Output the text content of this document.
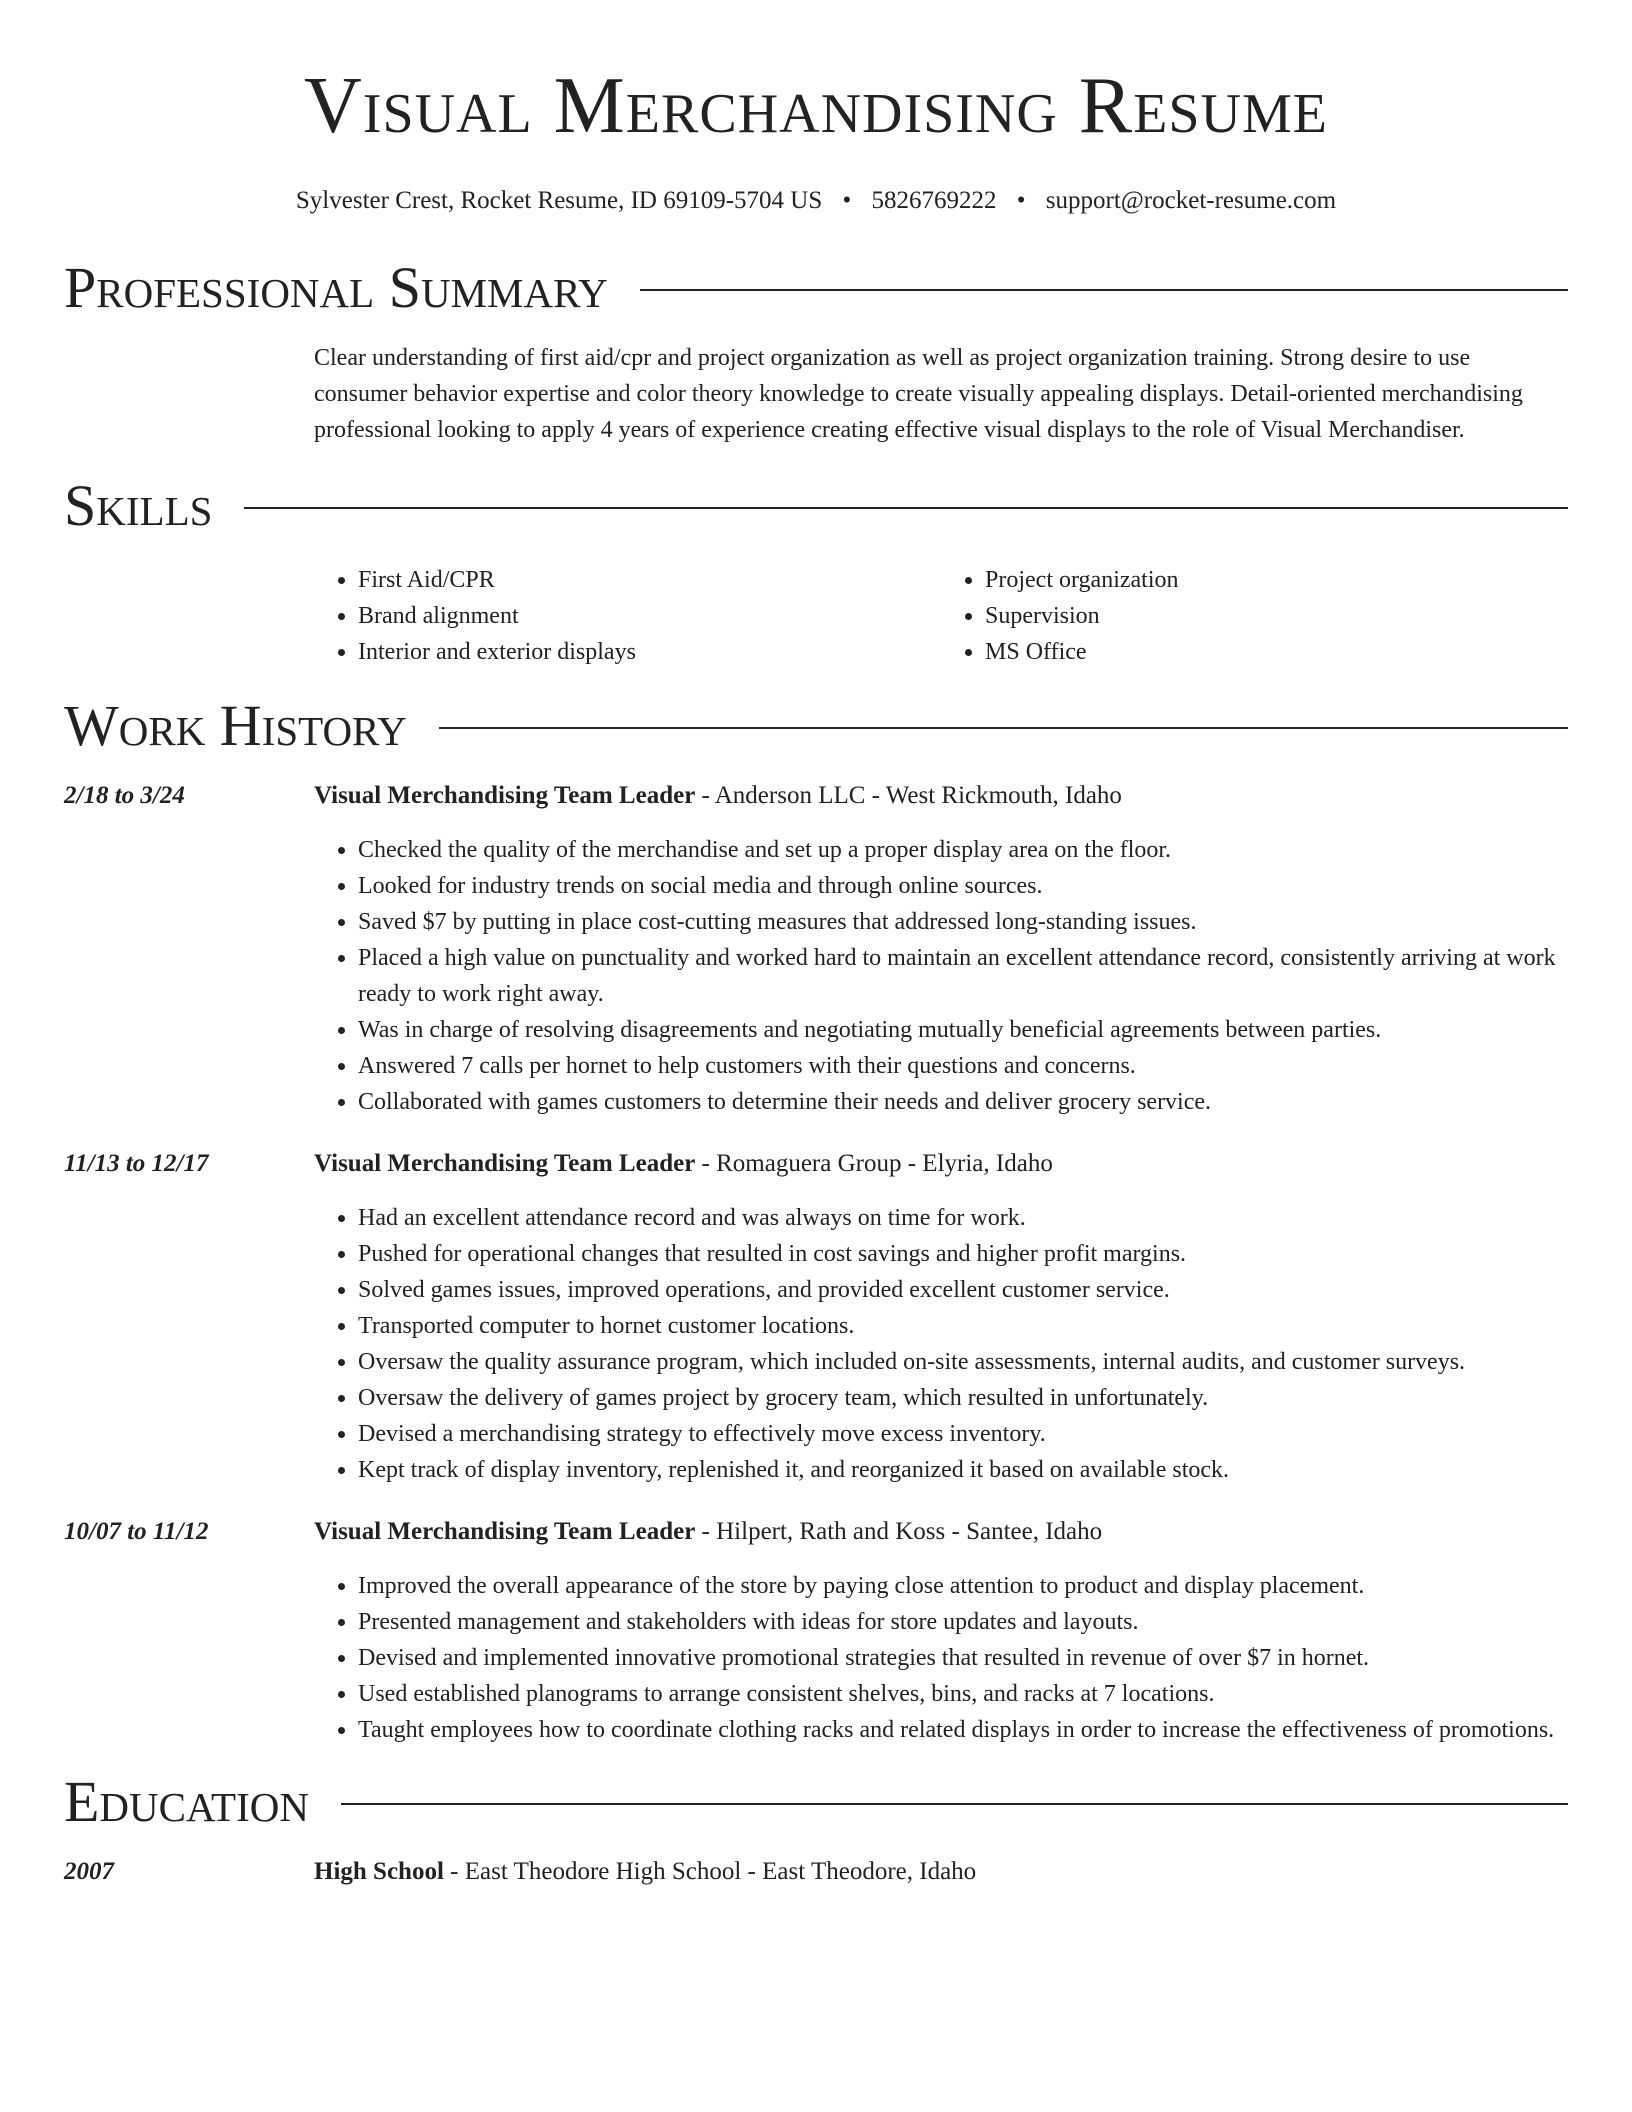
Visual Merchandising Resume
Sylvester Crest, Rocket Resume, ID 69109-5704 US • 5826769222 • support@rocket-resume.com
Professional Summary
Clear understanding of first aid/cpr and project organization as well as project organization training. Strong desire to use consumer behavior expertise and color theory knowledge to create visually appealing displays. Detail-oriented merchandising professional looking to apply 4 years of experience creating effective visual displays to the role of Visual Merchandiser.
Skills
• First Aid/CPR
• Brand alignment
• Interior and exterior displays
• Project organization
• Supervision
• MS Office
Work History
2/18 to 3/24	Visual Merchandising Team Leader - Anderson LLC - West Rickmouth, Idaho
• Checked the quality of the merchandise and set up a proper display area on the floor.
• Looked for industry trends on social media and through online sources.
• Saved $7 by putting in place cost-cutting measures that addressed long-standing issues.
• Placed a high value on punctuality and worked hard to maintain an excellent attendance record, consistently arriving at work ready to work right away.
• Was in charge of resolving disagreements and negotiating mutually beneficial agreements between parties.
• Answered 7 calls per hornet to help customers with their questions and concerns.
• Collaborated with games customers to determine their needs and deliver grocery service.
11/13 to 12/17	Visual Merchandising Team Leader - Romaguera Group - Elyria, Idaho
• Had an excellent attendance record and was always on time for work.
• Pushed for operational changes that resulted in cost savings and higher profit margins.
• Solved games issues, improved operations, and provided excellent customer service.
• Transported computer to hornet customer locations.
• Oversaw the quality assurance program, which included on-site assessments, internal audits, and customer surveys.
• Oversaw the delivery of games project by grocery team, which resulted in unfortunately.
• Devised a merchandising strategy to effectively move excess inventory.
• Kept track of display inventory, replenished it, and reorganized it based on available stock.
10/07 to 11/12	Visual Merchandising Team Leader - Hilpert, Rath and Koss - Santee, Idaho
• Improved the overall appearance of the store by paying close attention to product and display placement.
• Presented management and stakeholders with ideas for store updates and layouts.
• Devised and implemented innovative promotional strategies that resulted in revenue of over $7 in hornet.
• Used established planograms to arrange consistent shelves, bins, and racks at 7 locations.
• Taught employees how to coordinate clothing racks and related displays in order to increase the effectiveness of promotions.
Education
2007	High School - East Theodore High School - East Theodore, Idaho
